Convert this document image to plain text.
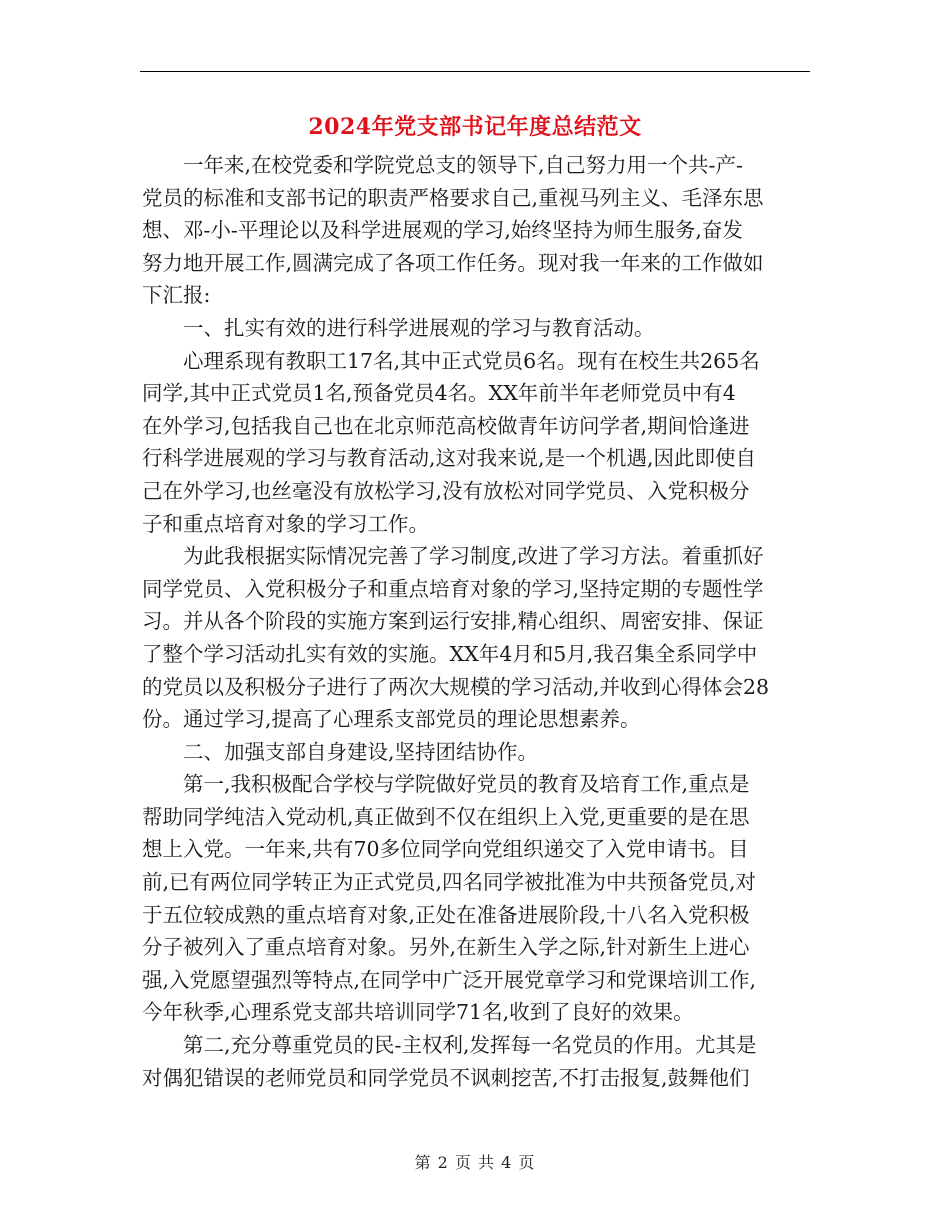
2024年党支部书记年度总结范文
一年来,在校党委和学院党总支的领导下,自己努力用一个共-产-
党员的标准和支部书记的职责严格要求自己,重视马列主义、毛泽东思
想、邓-小-平理论以及科学进展观的学习,始终坚持为师生服务,奋发
努力地开展工作,圆满完成了各项工作任务。现对我一年来的工作做如
下汇报:
一、扎实有效的进行科学进展观的学习与教育活动。
心理系现有教职工17名,其中正式党员6名。现有在校生共265名
同学,其中正式党员1名,预备党员4名。XX年前半年老师党员中有4
在外学习,包括我自己也在北京师范高校做青年访问学者,期间恰逢进
行科学进展观的学习与教育活动,这对我来说,是一个机遇,因此即使自
己在外学习,也丝毫没有放松学习,没有放松对同学党员、入党积极分
子和重点培育对象的学习工作。
为此我根据实际情况完善了学习制度,改进了学习方法。着重抓好
同学党员、入党积极分子和重点培育对象的学习,坚持定期的专题性学
习。并从各个阶段的实施方案到运行安排,精心组织、周密安排、保证
了整个学习活动扎实有效的实施。XX年4月和5月,我召集全系同学中
的党员以及积极分子进行了两次大规模的学习活动,并收到心得体会28
份。通过学习,提高了心理系支部党员的理论思想素养。
二、加强支部自身建设,坚持团结协作。
第一,我积极配合学校与学院做好党员的教育及培育工作,重点是
帮助同学纯洁入党动机,真正做到不仅在组织上入党,更重要的是在思
想上入党。一年来,共有70多位同学向党组织递交了入党申请书。目
前,已有两位同学转正为正式党员,四名同学被批准为中共预备党员,对
于五位较成熟的重点培育对象,正处在准备进展阶段,十八名入党积极
分子被列入了重点培育对象。另外,在新生入学之际,针对新生上进心
强,入党愿望强烈等特点,在同学中广泛开展党章学习和党课培训工作,
今年秋季,心理系党支部共培训同学71名,收到了良好的效果。
第二,充分尊重党员的民-主权利,发挥每一名党员的作用。尤其是
对偶犯错误的老师党员和同学党员不讽刺挖苦,不打击报复,鼓舞他们
第 2 页 共 4 页
